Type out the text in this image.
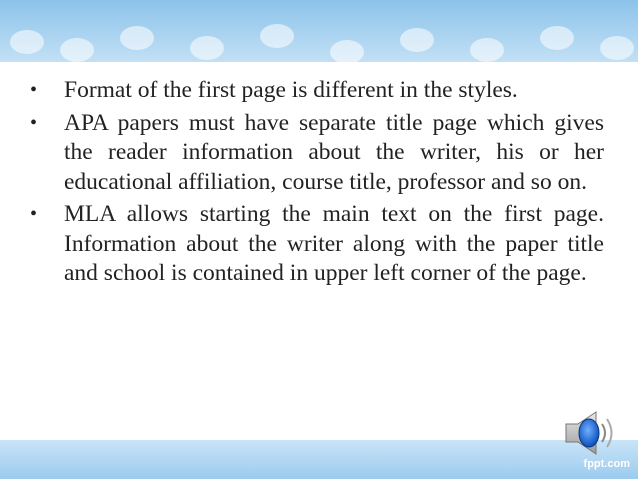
• Format of the first page is different in the styles.
• APA papers must have separate title page which gives the reader information about the writer, his or her educational affiliation, course title, professor and so on.
• MLA allows starting the main text on the first page. Information about the writer along with the paper title and school is contained in upper left corner of the page.
fppt.com
